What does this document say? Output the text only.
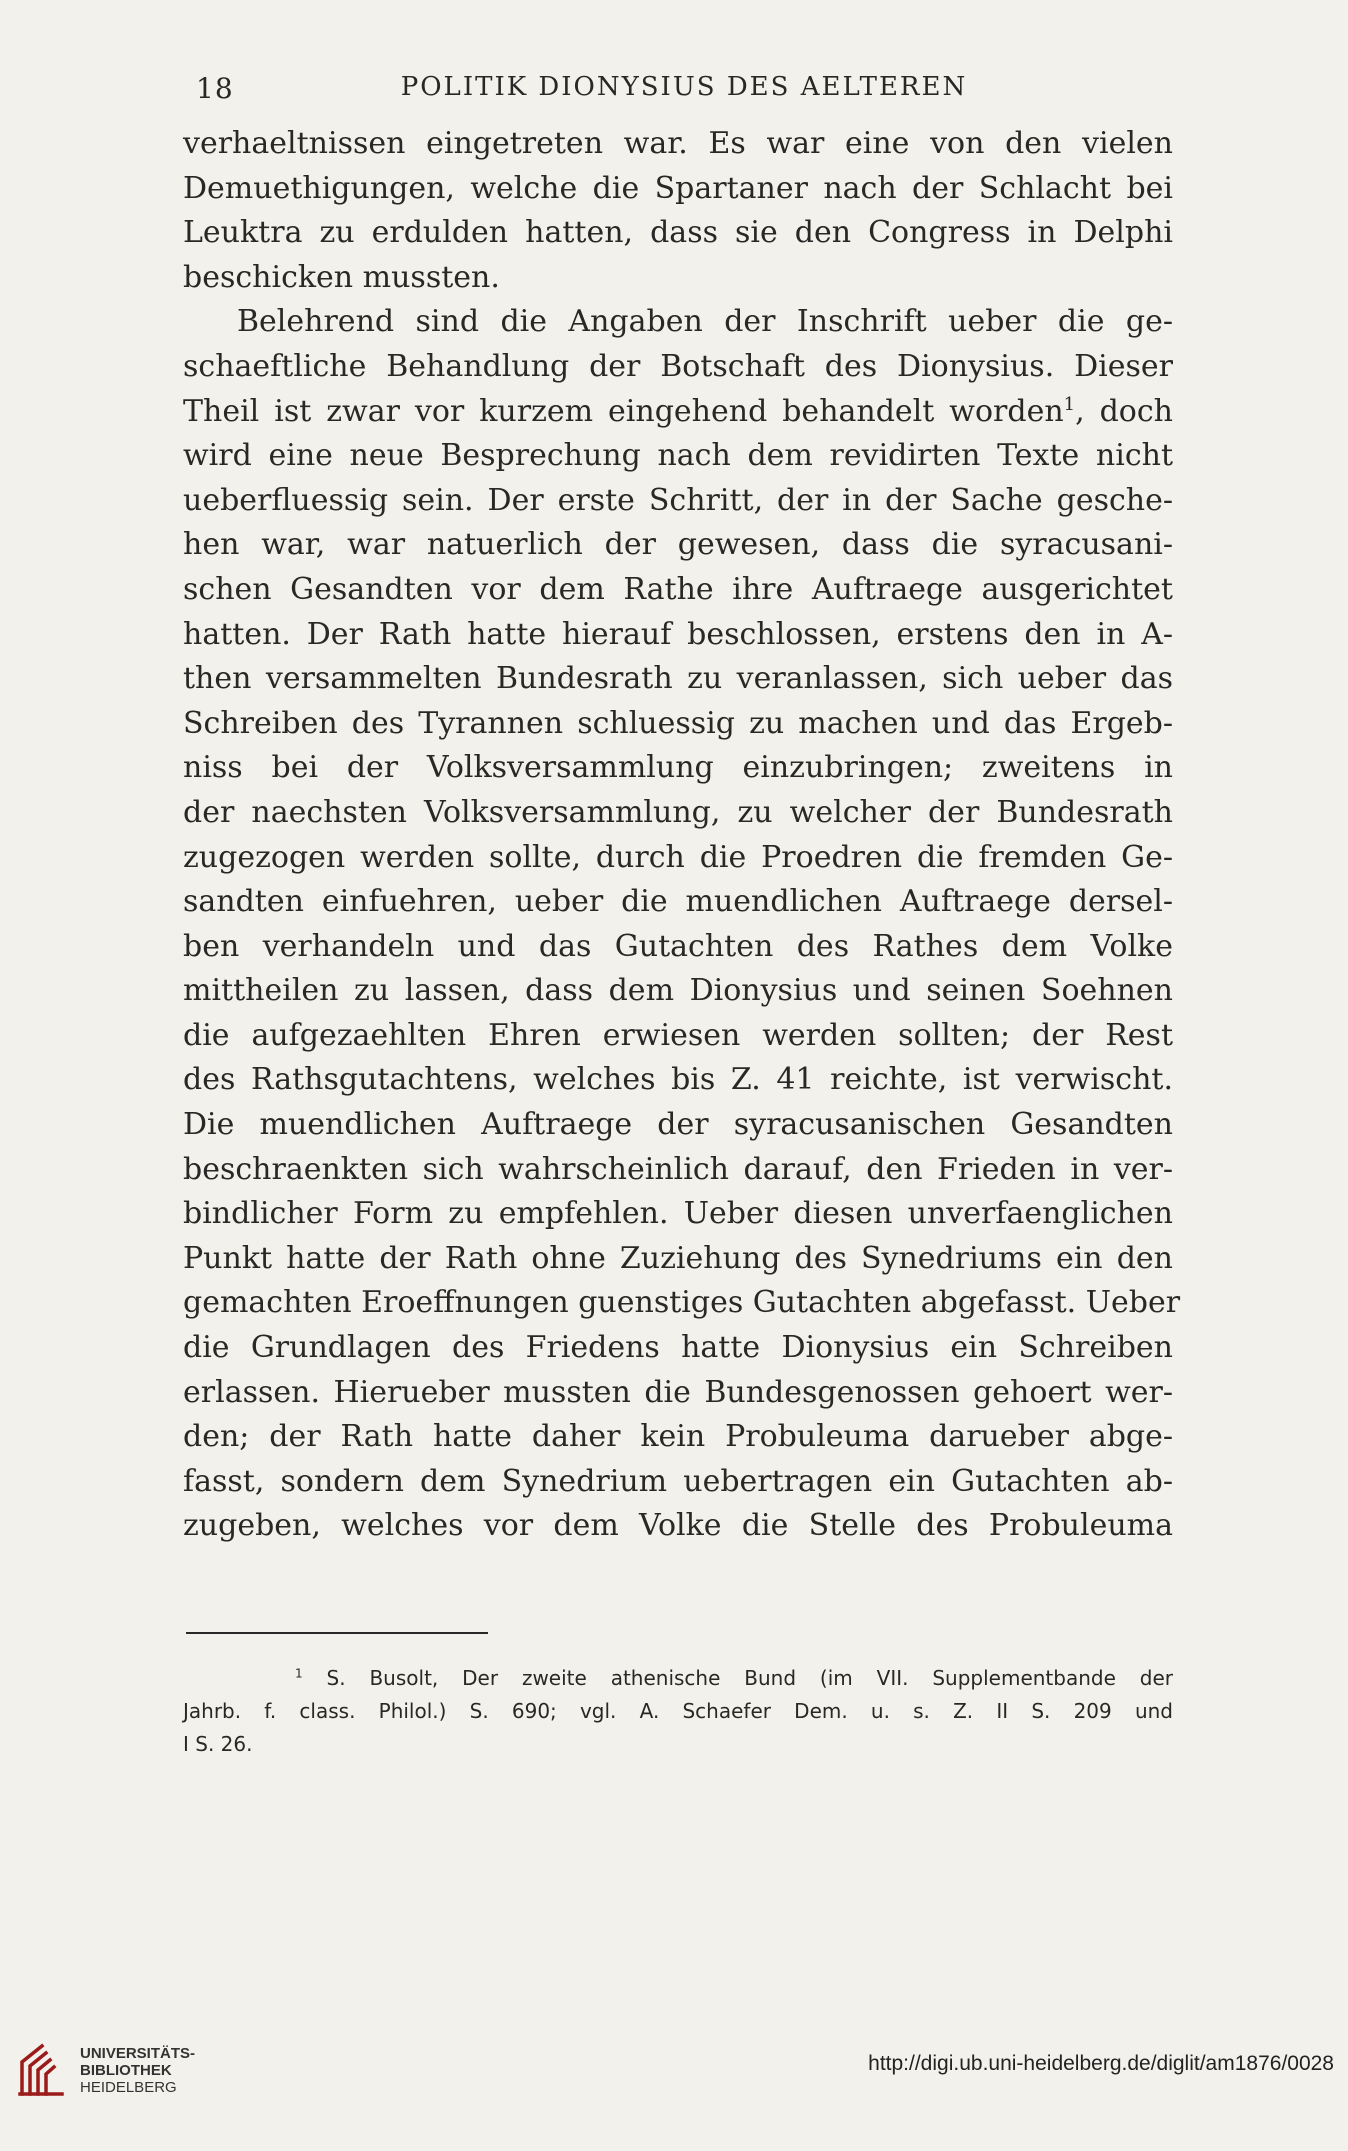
18	POLITIK DIONYSIUS DES AELTEREN
verhaeltnissen eingetreten war. Es war eine von den vielen
Demuethigungen, welche die Spartaner nach der Schlacht bei
Leuktra zu erdulden hatten, dass sie den Congress in Delphi
beschicken mussten.
Belehrend sind die Angaben der Inschrift ueber die ge-
schaeftliche Behandlung der Botschaft des Dionysius. Dieser
Theil ist zwar vor kurzem eingehend behandelt worden$^1$, doch
wird eine neue Besprechung nach dem revidirten Texte nicht
ueberfluessig sein. Der erste Schritt, der in der Sache gesche-
hen war, war natuerlich der gewesen, dass die syracusani-
schen Gesandten vor dem Rathe ihre Auftraege ausgerichtet
hatten. Der Rath hatte hierauf beschlossen, erstens den in A-
then versammelten Bundesrath zu veranlassen, sich ueber das
Schreiben des Tyrannen schluessig zu machen und das Ergeb-
niss bei der Volksversammlung einzubringen; zweitens in
der naechsten Volksversammlung, zu welcher der Bundesrath
zugezogen werden sollte, durch die Proedren die fremden Ge-
sandten einfuehren, ueber die muendlichen Auftraege dersel-
ben verhandeln und das Gutachten des Rathes dem Volke
mittheilen zu lassen, dass dem Dionysius und seinen Soehnen
die aufgezaehlten Ehren erwiesen werden sollten; der Rest
des Rathsgutachtens, welches bis Z. 41 reichte, ist verwischt.
Die muendlichen Auftraege der syracusanischen Gesandten
beschraenkten sich wahrscheinlich darauf, den Frieden in ver-
bindlicher Form zu empfehlen. Ueber diesen unverfaenglichen
Punkt hatte der Rath ohne Zuziehung des Synedriums ein den
gemachten Eroeffnungen guenstiges Gutachten abgefasst. Ueber
die Grundlagen des Friedens hatte Dionysius ein Schreiben
erlassen. Hierueber mussten die Bundesgenossen gehoert wer-
den; der Rath hatte daher kein Probuleuma darueber abge-
fasst, sondern dem Synedrium uebertragen ein Gutachten ab-
zugeben, welches vor dem Volke die Stelle des Probuleuma
$^1$ S. Busolt, Der zweite athenische Bund (im VII. Supplementbande der
Jahrb. f. class. Philol.) S. 690; vgl. A. Schaefer Dem. u. s. Z. II S. 209 und
I S. 26.
UNIVERSITÄTS-
BIBLIOTHEK
HEIDELBERG
http://digi.ub.uni-heidelberg.de/diglit/am1876/0028
